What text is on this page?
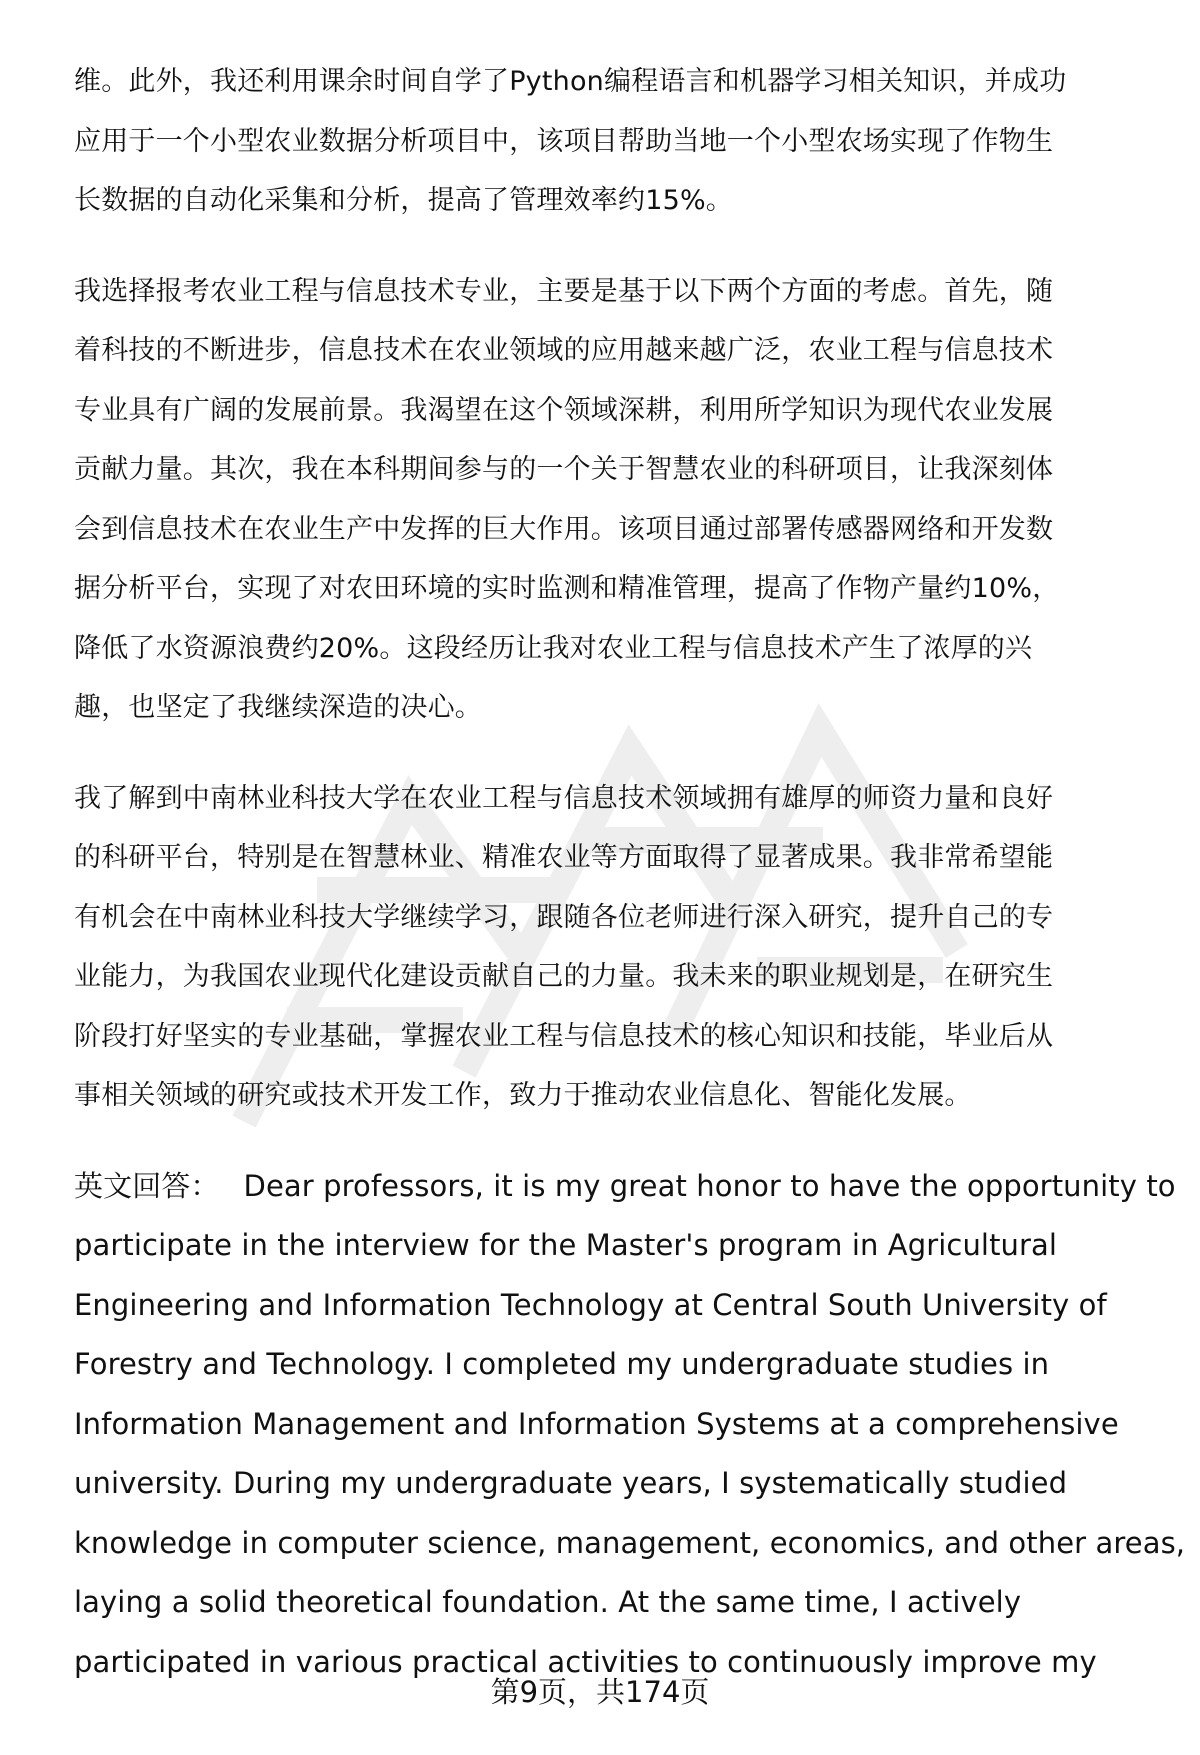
维。此外，我还利用课余时间自学了Python编程语言和机器学习相关知识，并成功
应用于一个小型农业数据分析项目中，该项目帮助当地一个小型农场实现了作物生
长数据的自动化采集和分析，提高了管理效率约15%。

我选择报考农业工程与信息技术专业，主要是基于以下两个方面的考虑。首先，随
着科技的不断进步，信息技术在农业领域的应用越来越广泛，农业工程与信息技术
专业具有广阔的发展前景。我渴望在这个领域深耕，利用所学知识为现代农业发展
贡献力量。其次，我在本科期间参与的一个关于智慧农业的科研项目，让我深刻体
会到信息技术在农业生产中发挥的巨大作用。该项目通过部署传感器网络和开发数
据分析平台，实现了对农田环境的实时监测和精准管理，提高了作物产量约10%，
降低了水资源浪费约20%。这段经历让我对农业工程与信息技术产生了浓厚的兴
趣，也坚定了我继续深造的决心。

我了解到中南林业科技大学在农业工程与信息技术领域拥有雄厚的师资力量和良好
的科研平台，特别是在智慧林业、精准农业等方面取得了显著成果。我非常希望能
有机会在中南林业科技大学继续学习，跟随各位老师进行深入研究，提升自己的专
业能力，为我国农业现代化建设贡献自己的力量。我未来的职业规划是，在研究生
阶段打好坚实的专业基础，掌握农业工程与信息技术的核心知识和技能，毕业后从
事相关领域的研究或技术开发工作，致力于推动农业信息化、智能化发展。

英文回答： Dear professors, it is my great honor to have the opportunity to
participate in the interview for the Master's program in Agricultural
Engineering and Information Technology at Central South University of
Forestry and Technology. I completed my undergraduate studies in
Information Management and Information Systems at a comprehensive
university. During my undergraduate years, I systematically studied
knowledge in computer science, management, economics, and other areas,
laying a solid theoretical foundation. At the same time, I actively
participated in various practical activities to continuously improve my

第9页，共174页
